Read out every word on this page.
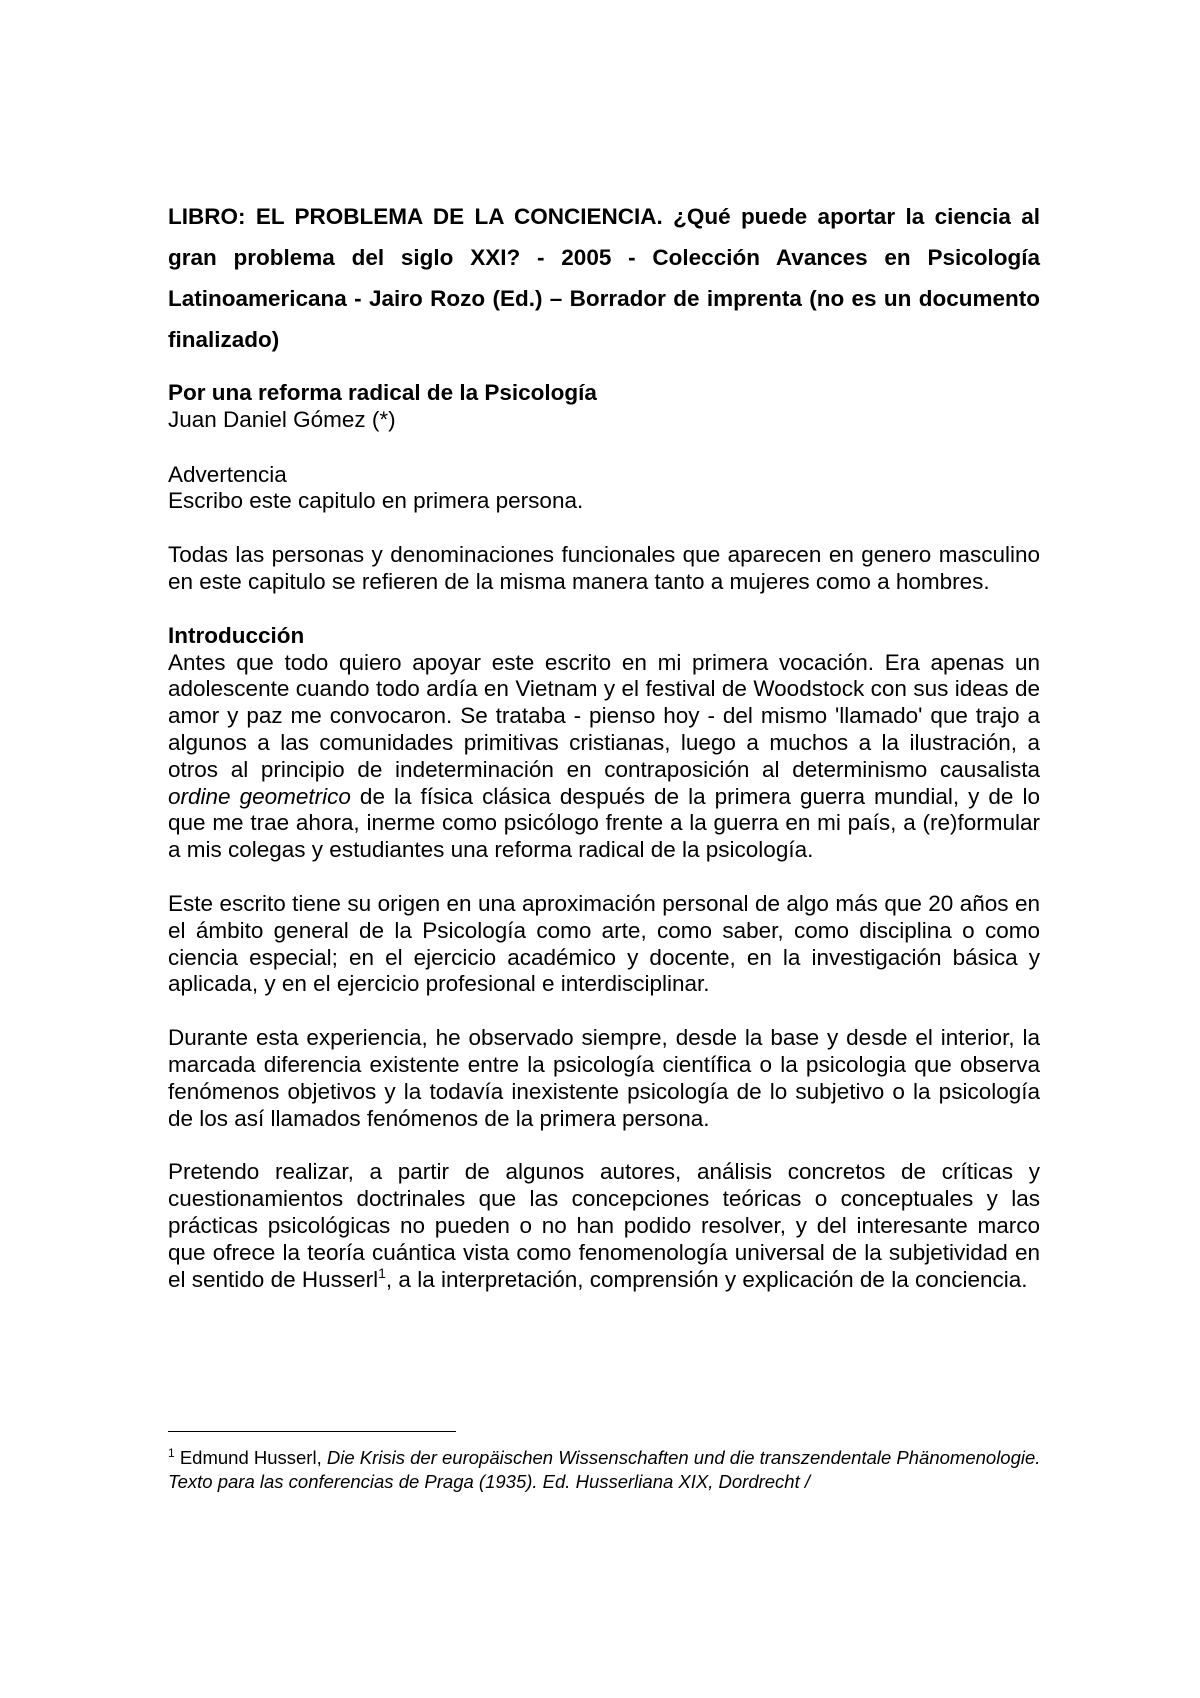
LIBRO: EL PROBLEMA DE LA CONCIENCIA. ¿Qué puede aportar la ciencia al gran problema del siglo XXI? - 2005 - Colección Avances en Psicología Latinoamericana - Jairo Rozo (Ed.) – Borrador de imprenta (no es un documento finalizado)

Por una reforma radical de la Psicología

Juan Daniel Gómez (*)

Advertencia

Escribo este capitulo en primera persona.

Todas las personas y denominaciones funcionales que aparecen en genero masculino en este capitulo se refieren de la misma manera tanto a mujeres como a hombres.

Introducción

Antes que todo quiero apoyar este escrito en mi primera vocación. Era apenas un adolescente cuando todo ardía en Vietnam y el festival de Woodstock con sus ideas de amor y paz me convocaron. Se trataba - pienso hoy - del mismo 'llamado' que trajo a algunos a las comunidades primitivas cristianas, luego a muchos a la ilustración, a otros al principio de indeterminación en contraposición al determinismo causalista ordine geometrico de la física clásica después de la primera guerra mundial, y de lo que me trae ahora, inerme como psicólogo frente a la guerra en mi país, a (re)formular a mis colegas y estudiantes una reforma radical de la psicología.

Este escrito tiene su origen en una aproximación personal de algo más que 20 años en el ámbito general de la Psicología como arte, como saber, como disciplina o como ciencia especial; en el ejercicio académico y docente, en la investigación básica y aplicada, y en el ejercicio profesional e interdisciplinar.

Durante esta experiencia, he observado siempre, desde la base y desde el interior, la marcada diferencia existente entre la psicología científica o la psicologia que observa fenómenos objetivos y la todavía inexistente psicología de lo subjetivo o la psicología de los así llamados fenómenos de la primera persona.

Pretendo realizar, a partir de algunos autores, análisis concretos de críticas y cuestionamientos doctrinales que las concepciones teóricas o conceptuales y las prácticas psicológicas no pueden o no han podido resolver, y del interesante marco que ofrece la teoría cuántica vista como fenomenología universal de la subjetividad en el sentido de Husserl$^1$, a la interpretación, comprensión y explicación de la conciencia.

$^1$ Edmund Husserl, Die Krisis der europäischen Wissenschaften und die transzendentale Phänomenologie. Texto para las conferencias de Praga (1935). Ed. Husserliana XIX, Dordrecht /
